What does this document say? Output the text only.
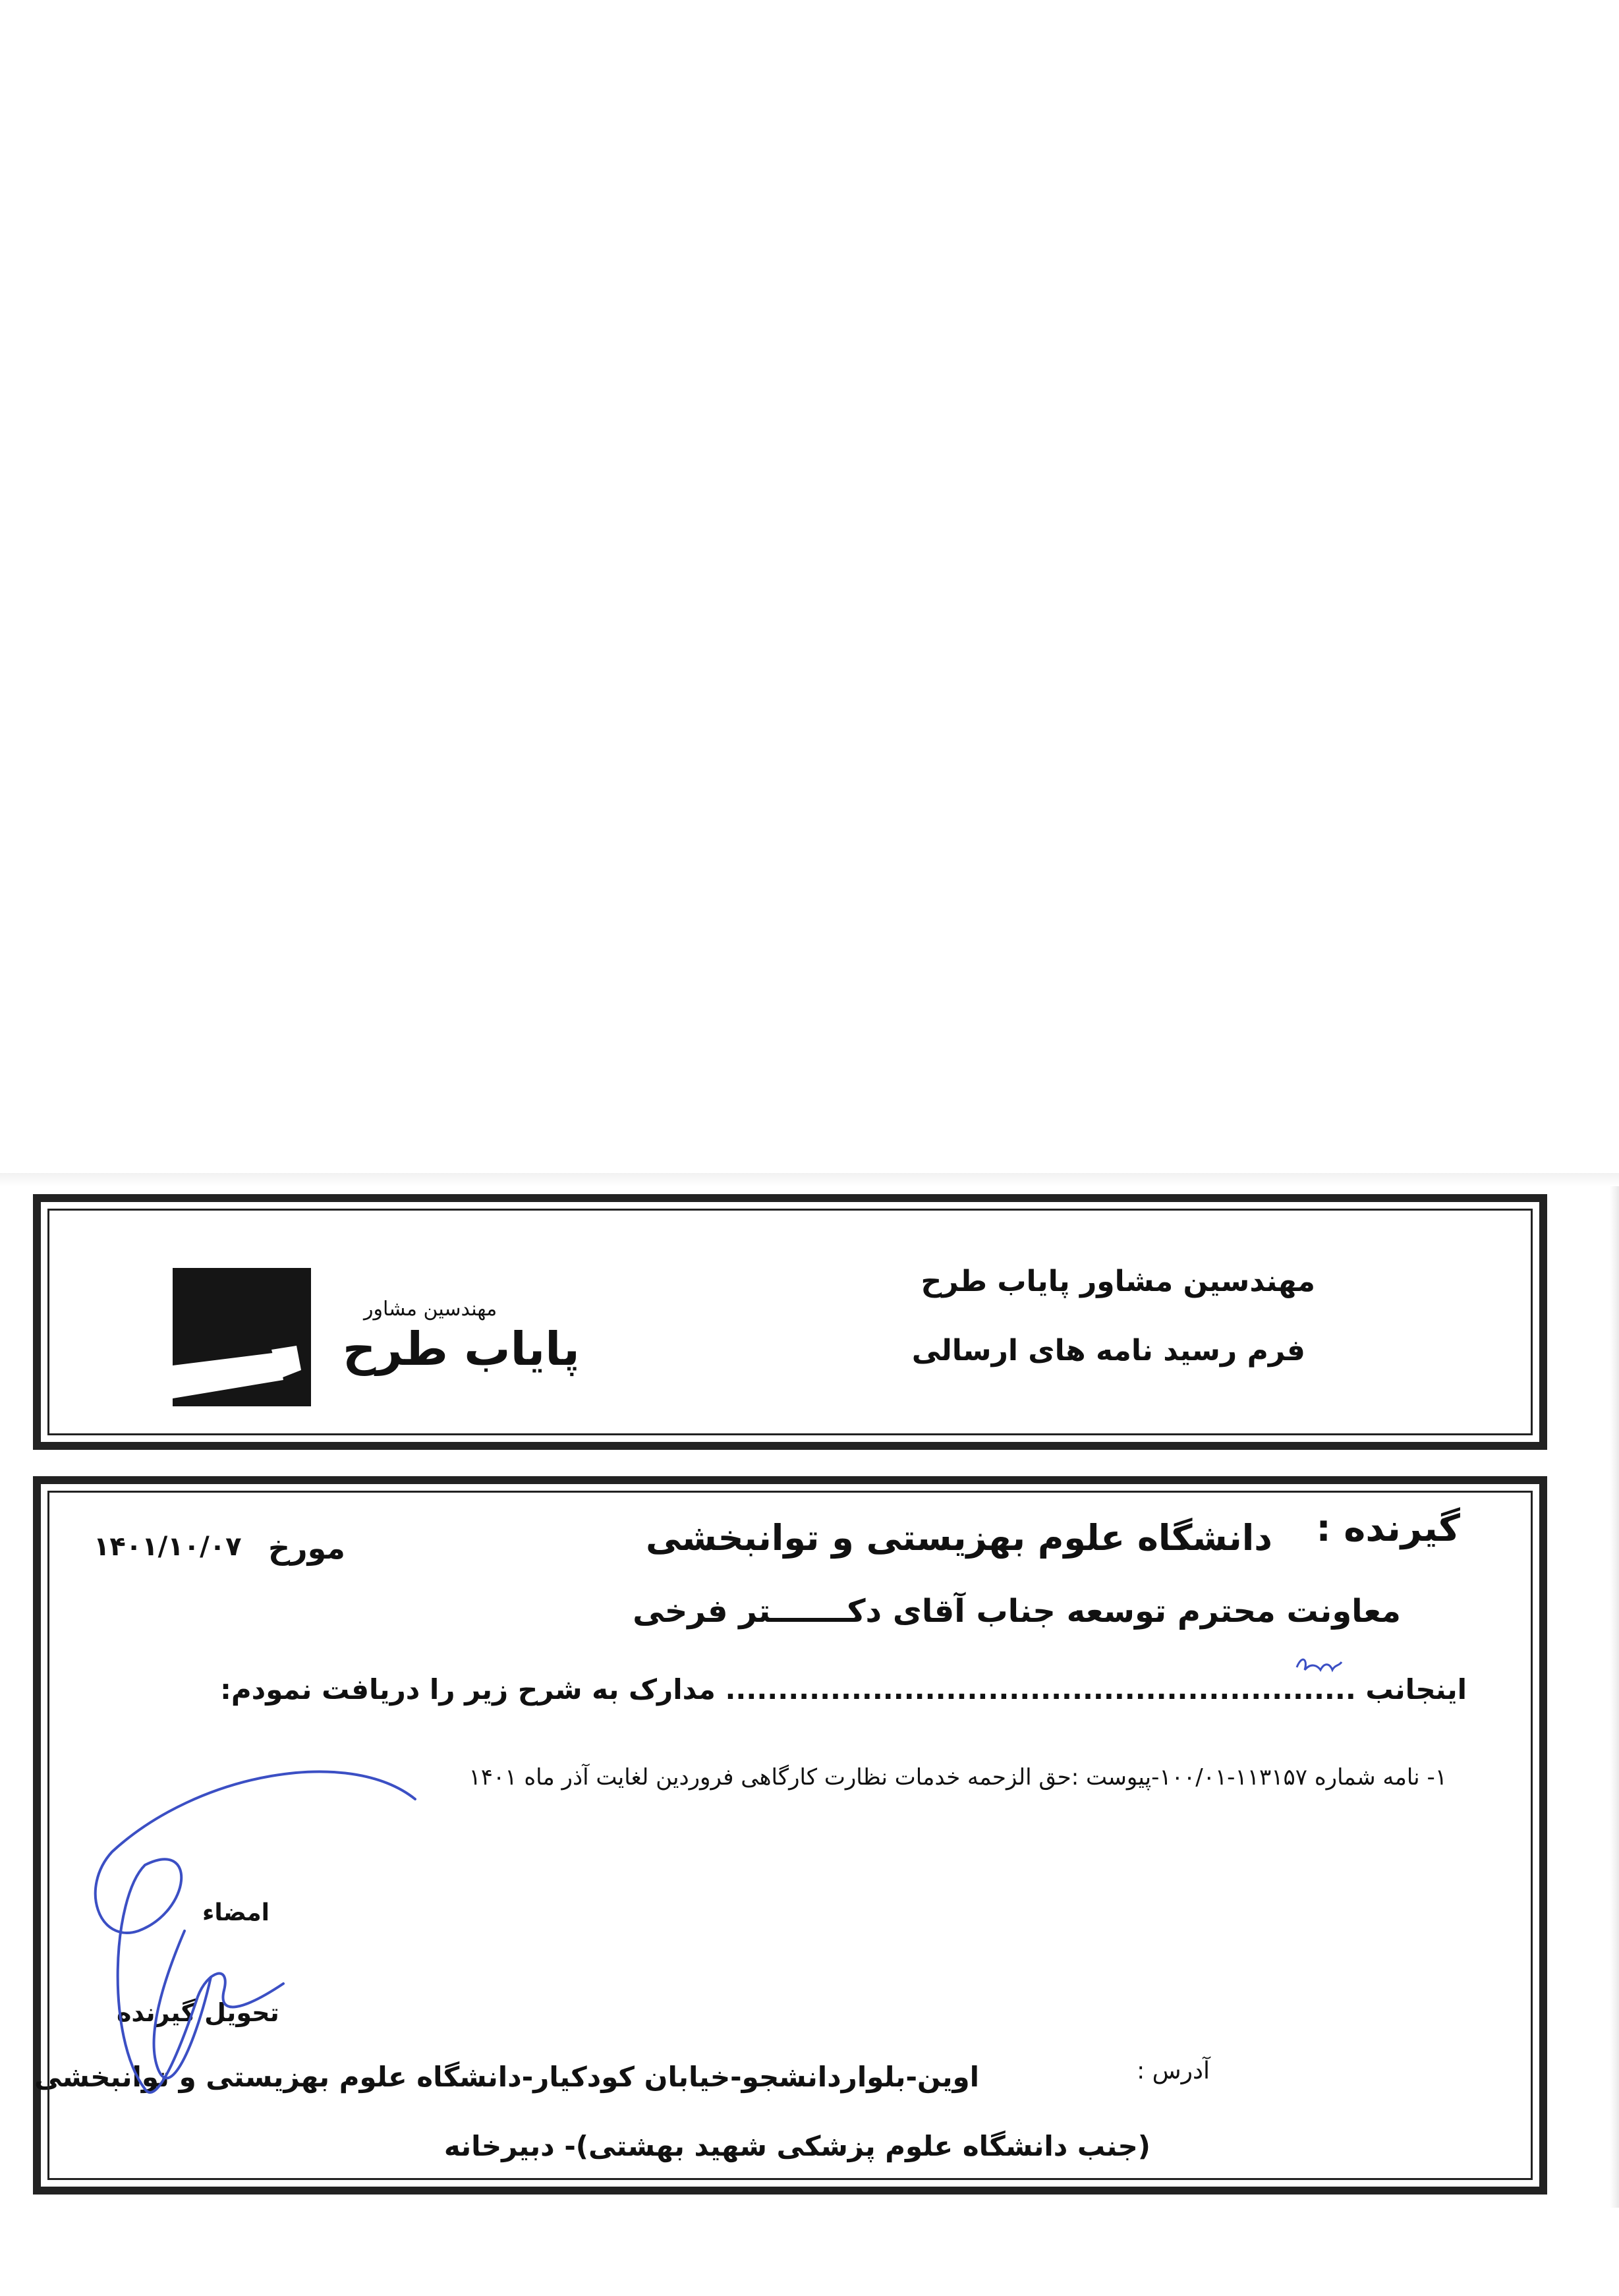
مهندسین مشاور پایاب طرح
فرم رسید نامه های ارسالی
مهندسین مشاور
پایاب طرح
گیرنده :
دانشگاه علوم بهزیستی و توانبخشی
مورخ
۱۴۰۱/۱۰/۰۷
معاونت محترم توسعه جناب آقای دکـــــــتر فرخی
اینجانب ............................................................ مدارک به شرح زیر را دریافت نمودم:
۱- نامه شماره ۱۱۳۱۵۷-۱۰۰/۰۱-پیوست :حق الزحمه خدمات نظارت کارگاهی فروردین لغایت آذر ماه ۱۴۰۱
امضاء
تحویل گیرنده
آدرس :
اوین-بلواردانشجو-خیابان کودکیار-دانشگاه علوم بهزیستی و توانبخشی
(جنب دانشگاه علوم پزشکی شهید بهشتی)- دبیرخانه
